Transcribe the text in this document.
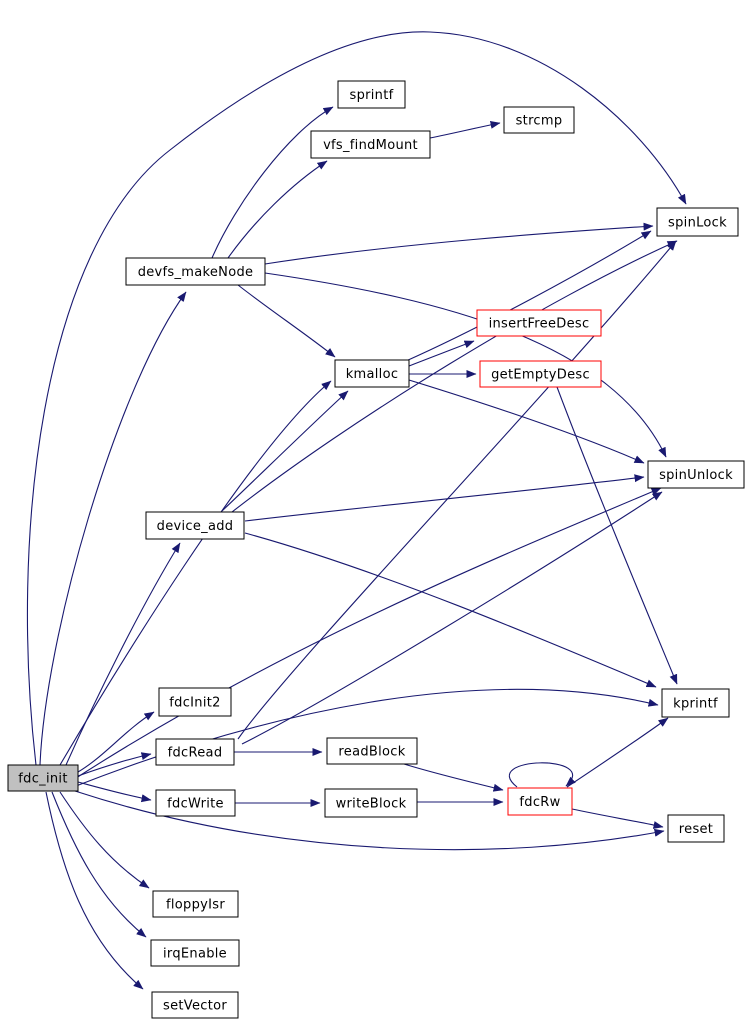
fdc_init
devfs_makeNode
sprintf
vfs_findMount
strcmp
spinLock
insertFreeDesc
kmalloc	getEmptyDesc
spinUnlock
device_add
fdcInit2
fdcRead	readBlock
fdcWrite	writeBlock	fdcRw
kprintf
reset
floppyIsr
irqEnable
setVector
